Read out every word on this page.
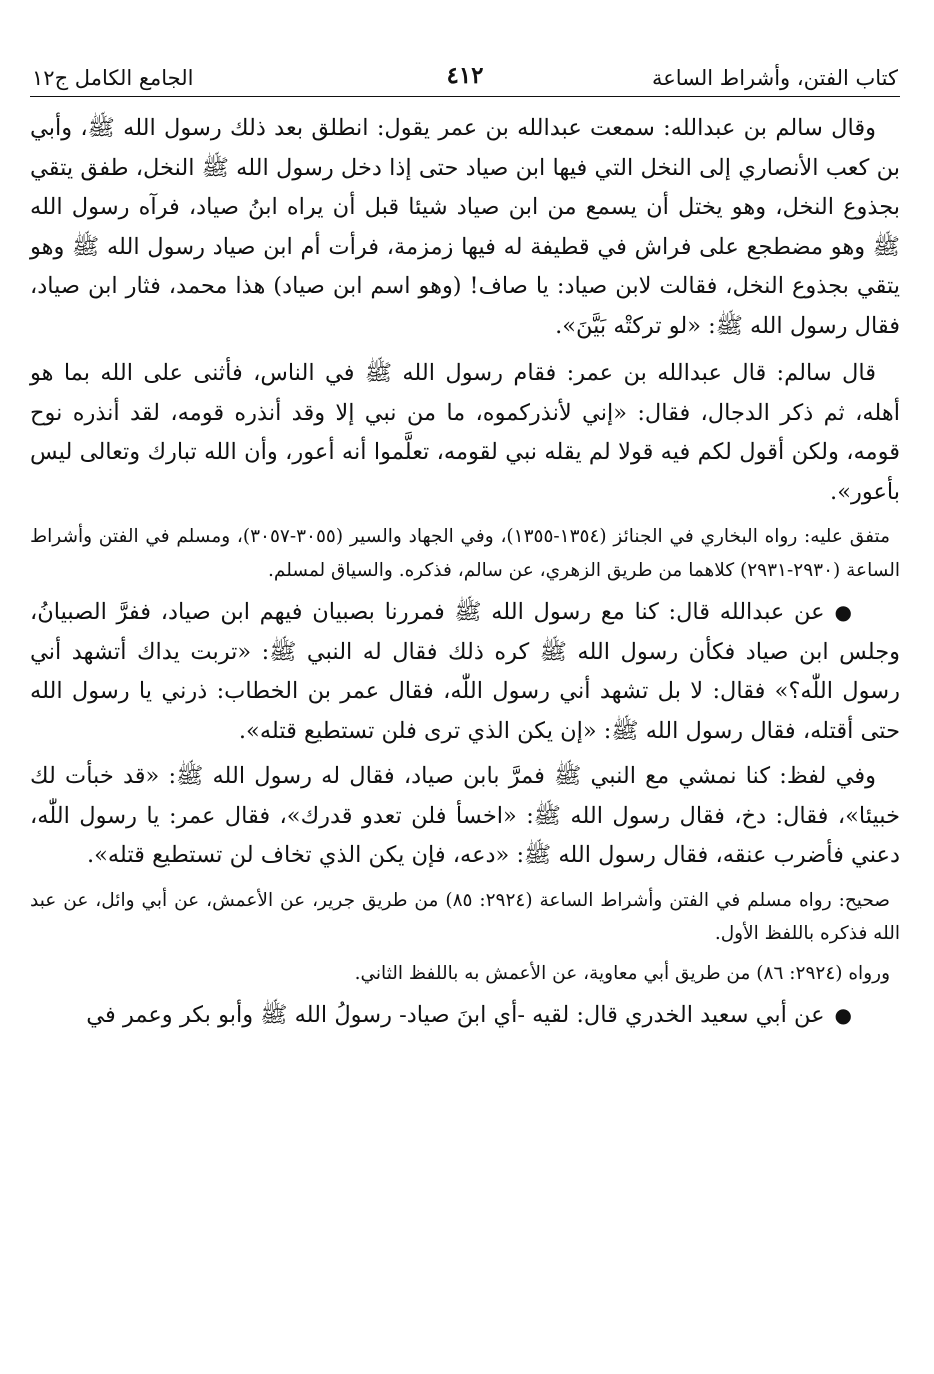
كتاب الفتن، وأشراط الساعة
٤١٢
الجامع الكامل ج١٢

وقال سالم بن عبدالله: سمعت عبدالله بن عمر يقول: انطلق بعد ذلك رسول الله ﷺ، وأبي بن كعب الأنصاري إلى النخل التي فيها ابن صياد حتى إذا دخل رسول الله ﷺ النخل، طفق يتقي بجذوع النخل، وهو يختل أن يسمع من ابن صياد شيئا قبل أن يراه ابنُ صياد، فرآه رسول الله ﷺ وهو مضطجع على فراش في قطيفة له فيها زمزمة، فرأت أم ابن صياد رسول الله ﷺ وهو يتقي بجذوع النخل، فقالت لابن صياد: يا صاف! (وهو اسم ابن صياد) هذا محمد، فثار ابن صياد، فقال رسول الله ﷺ: «لو تركتْه بَيَّنَ».

قال سالم: قال عبدالله بن عمر: فقام رسول الله ﷺ في الناس، فأثنى على الله بما هو أهله، ثم ذكر الدجال، فقال: «إني لأنذركموه، ما من نبي إلا وقد أنذره قومه، لقد أنذره نوح قومه، ولكن أقول لكم فيه قولا لم يقله نبي لقومه، تعلَّموا أنه أعور، وأن الله تبارك وتعالى ليس بأعور».

متفق عليه: رواه البخاري في الجنائز (١٣٥٤-١٣٥٥)، وفي الجهاد والسير (٣٠٥٥-٣٠٥٧)، ومسلم في الفتن وأشراط الساعة (٢٩٣٠-٢٩٣١) كلاهما من طريق الزهري، عن سالم، فذكره. والسياق لمسلم.

●عن عبدالله قال: كنا مع رسول الله ﷺ فمررنا بصبيان فيهم ابن صياد، ففرَّ الصبيانُ، وجلس ابن صياد فكأن رسول الله ﷺ كره ذلك فقال له النبي ﷺ: «تربت يداك أتشهد أني رسول اللّٰه؟» فقال: لا بل تشهد أني رسول اللّٰه، فقال عمر بن الخطاب: ذرني يا رسول الله حتى أقتله، فقال رسول الله ﷺ: «إن يكن الذي ترى فلن تستطيع قتله».

وفي لفظ: كنا نمشي مع النبي ﷺ فمرَّ بابن صياد، فقال له رسول الله ﷺ: «قد خبأت لك خبيئا»، فقال: دخ، فقال رسول الله ﷺ: «اخسأ فلن تعدو قدرك»، فقال عمر: يا رسول اللّٰه، دعني فأضرب عنقه، فقال رسول الله ﷺ: «دعه، فإن يكن الذي تخاف لن تستطيع قتله».

صحيح: رواه مسلم في الفتن وأشراط الساعة (٢٩٢٤: ٨٥) من طريق جرير، عن الأعمش، عن أبي وائل، عن عبد الله فذكره باللفظ الأول.

ورواه (٢٩٢٤: ٨٦) من طريق أبي معاوية، عن الأعمش به باللفظ الثاني.

●عن أبي سعيد الخدري قال: لقيه -أي ابنَ صياد- رسولُ الله ﷺ وأبو بكر وعمر في
